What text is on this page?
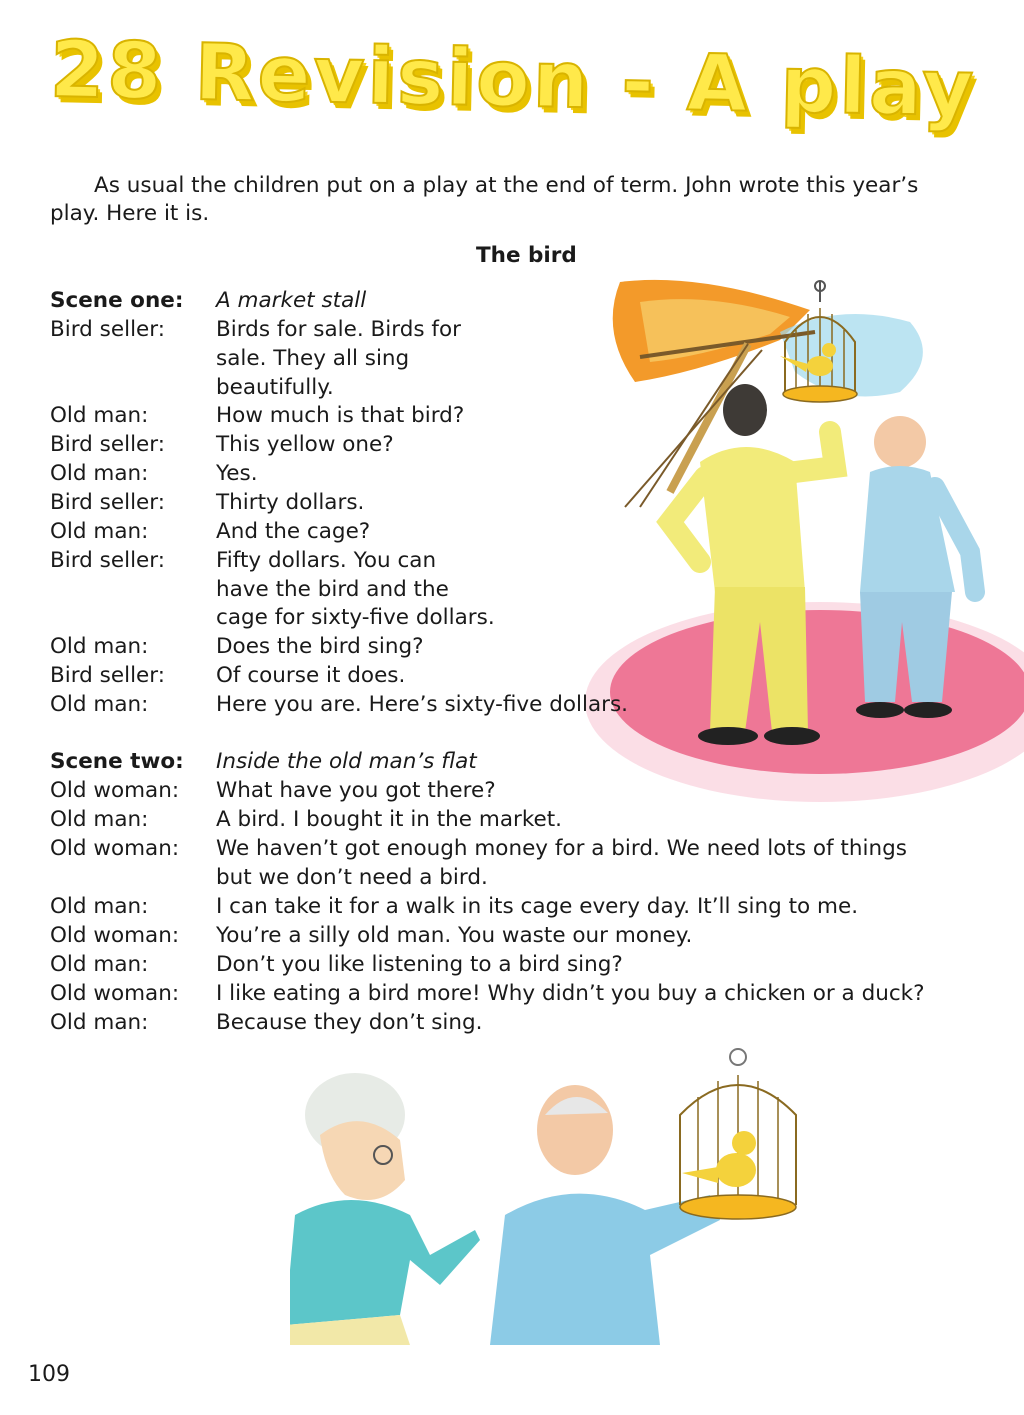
28 Revision - A play

As usual the children put on a play at the end of term. John wrote this year’s play. Here it is.

The bird
Scene one:	A market stall
Bird seller:	Birds for sale. Birds for
sale. They all sing
beautifully.
Old man:	How much is that bird?
Bird seller:	This yellow one?
Old man:	Yes.
Bird seller:	Thirty dollars.
Old man:	And the cage?
Bird seller:	Fifty dollars. You can
have the bird and the
cage for sixty-five dollars.
Old man:	Does the bird sing?
Bird seller:	Of course it does.
Old man:	Here you are. Here’s sixty-five dollars.
Scene two:	Inside the old man’s flat
Old woman:	What have you got there?
Old man:	A bird. I bought it in the market.
Old woman:	We haven’t got enough money for a bird. We need lots of things
but we don’t need a bird.
Old man:	I can take it for a walk in its cage every day. It’ll sing to me.
Old woman:	You’re a silly old man. You waste our money.
Old man:	Don’t you like listening to a bird sing?
Old woman:	I like eating a bird more! Why didn’t you buy a chicken or a duck?
Old man:	Because they don’t sing.
109
